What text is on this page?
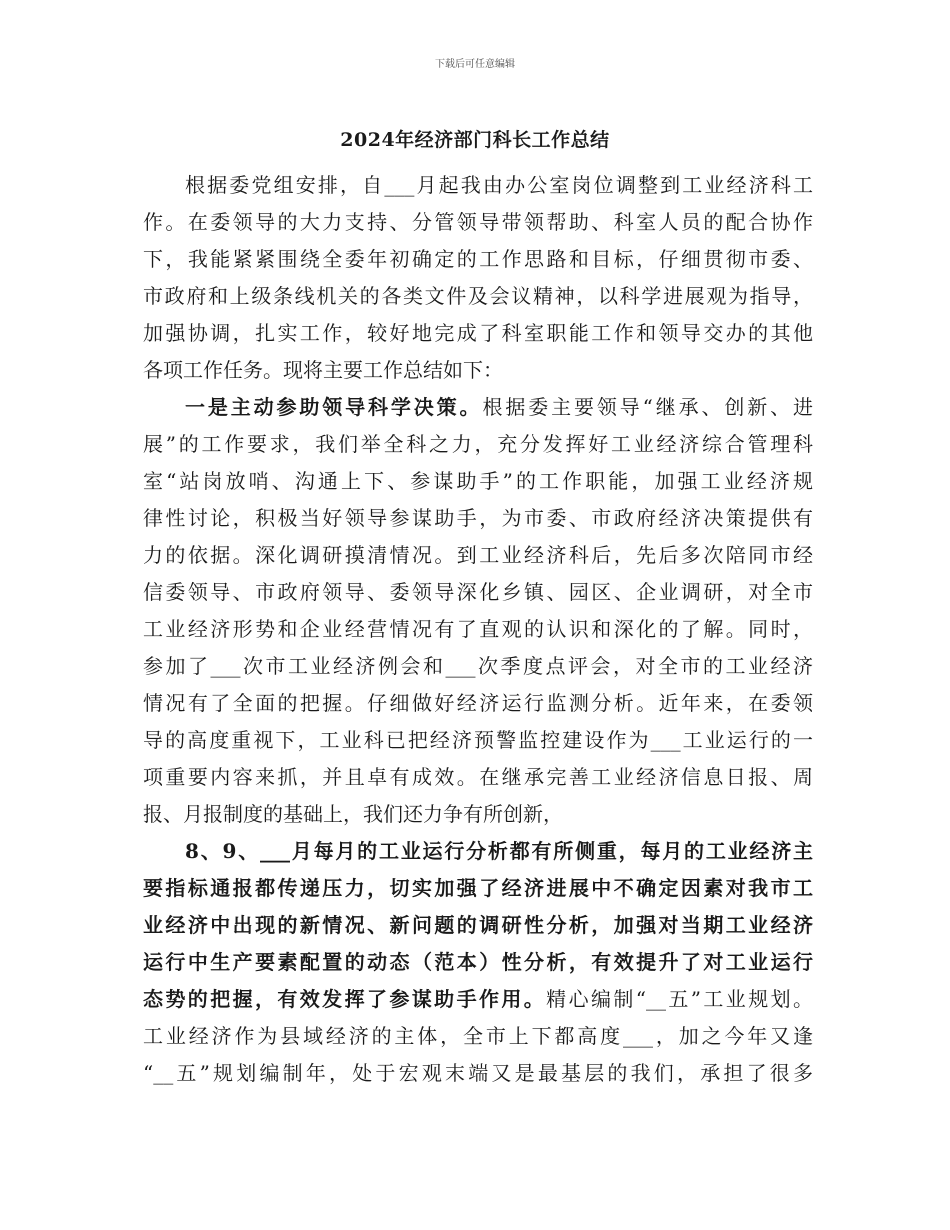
下载后可任意编辑
2024年经济部门科长工作总结
根据委党组安排，自___月起我由办公室岗位调整到工业经济科工
作。在委领导的大力支持、分管领导带领帮助、科室人员的配合协作
下，我能紧紧围绕全委年初确定的工作思路和目标，仔细贯彻市委、
市政府和上级条线机关的各类文件及会议精神，以科学进展观为指导，
加强协调，扎实工作，较好地完成了科室职能工作和领导交办的其他
各项工作任务。现将主要工作总结如下：
一是主动参助领导科学决策。根据委主要领导“继承、创新、进
展”的工作要求，我们举全科之力，充分发挥好工业经济综合管理科
室“站岗放哨、沟通上下、参谋助手”的工作职能，加强工业经济规
律性讨论，积极当好领导参谋助手，为市委、市政府经济决策提供有
力的依据。深化调研摸清情况。到工业经济科后，先后多次陪同市经
信委领导、市政府领导、委领导深化乡镇、园区、企业调研，对全市
工业经济形势和企业经营情况有了直观的认识和深化的了解。同时，
参加了___次市工业经济例会和___次季度点评会，对全市的工业经济
情况有了全面的把握。仔细做好经济运行监测分析。近年来，在委领
导的高度重视下，工业科已把经济预警监控建设作为___工业运行的一
项重要内容来抓，并且卓有成效。在继承完善工业经济信息日报、周
报、月报制度的基础上，我们还力争有所创新，
8、9、___月每月的工业运行分析都有所侧重，每月的工业经济主
要指标通报都传递压力，切实加强了经济进展中不确定因素对我市工
业经济中出现的新情况、新问题的调研性分析，加强对当期工业经济
运行中生产要素配置的动态（范本）性分析，有效提升了对工业运行
态势的把握，有效发挥了参谋助手作用。精心编制“__五”工业规划。
工业经济作为县域经济的主体，全市上下都高度___，加之今年又逢
“__五”规划编制年，处于宏观末端又是最基层的我们，承担了很多
